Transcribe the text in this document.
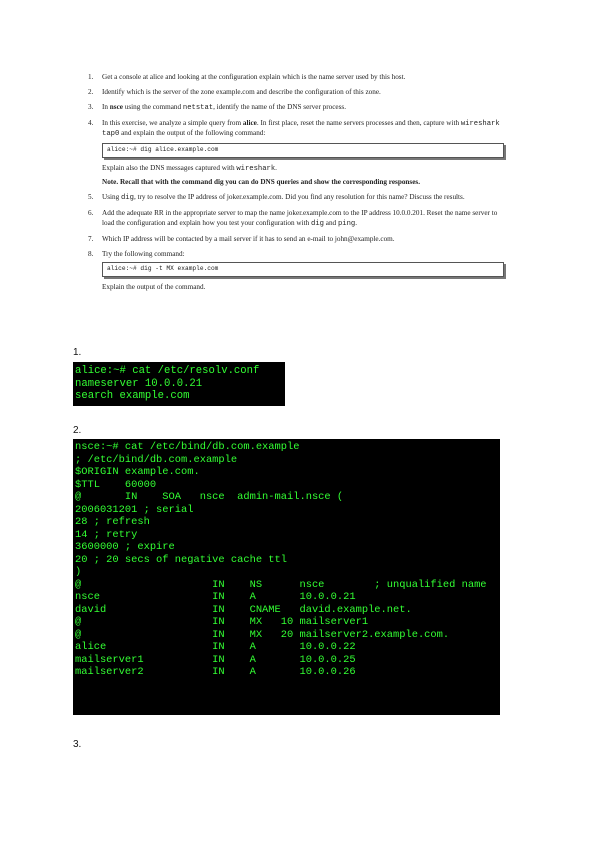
1. Get a console at alice and looking at the configuration explain which is the name server used by this host.
2. Identify which is the server of the zone example.com and describe the configuration of this zone.
3. In nsce using the command netstat, identify the name of the DNS server process.
4. In this exercise, we analyze a simple query from alice. In first place, reset the name servers processes and then, capture with wireshark tap0 and explain the output of the following command:
alice:~# dig alice.example.com
Explain also the DNS messages captured with wireshark.
Note. Recall that with the command dig you can do DNS queries and show the corresponding responses.
5. Using dig, try to resolve the IP address of joker.example.com. Did you find any resolution for this name? Discuss the results.
6. Add the adequate RR in the appropriate server to map the name joker.example.com to the IP address 10.0.0.201. Reset the name server to load the configuration and explain how you test your configuration with dig and ping.
7. Which IP address will be contacted by a mail server if it has to send an e-mail to john@example.com.
8. Try the following command:
alice:~# dig -t MX example.com
Explain the output of the command.
1.
alice:~# cat /etc/resolv.conf
nameserver 10.0.0.21
search example.com
2.
nsce:~# cat /etc/bind/db.com.example
; /etc/bind/db.com.example
$ORIGIN example.com.
$TTL    60000
@       IN    SOA   nsce  admin-mail.nsce (
2006031201 ; serial
28 ; refresh
14 ; retry
3600000 ; expire
20 ; 20 secs of negative cache ttl
)
@                     IN    NS      nsce        ; unqualified name
nsce                  IN    A       10.0.0.21
david                 IN    CNAME   david.example.net.
@                     IN    MX   10 mailserver1
@                     IN    MX   20 mailserver2.example.com.
alice                 IN    A       10.0.0.22
mailserver1           IN    A       10.0.0.25
mailserver2           IN    A       10.0.0.26
3.
